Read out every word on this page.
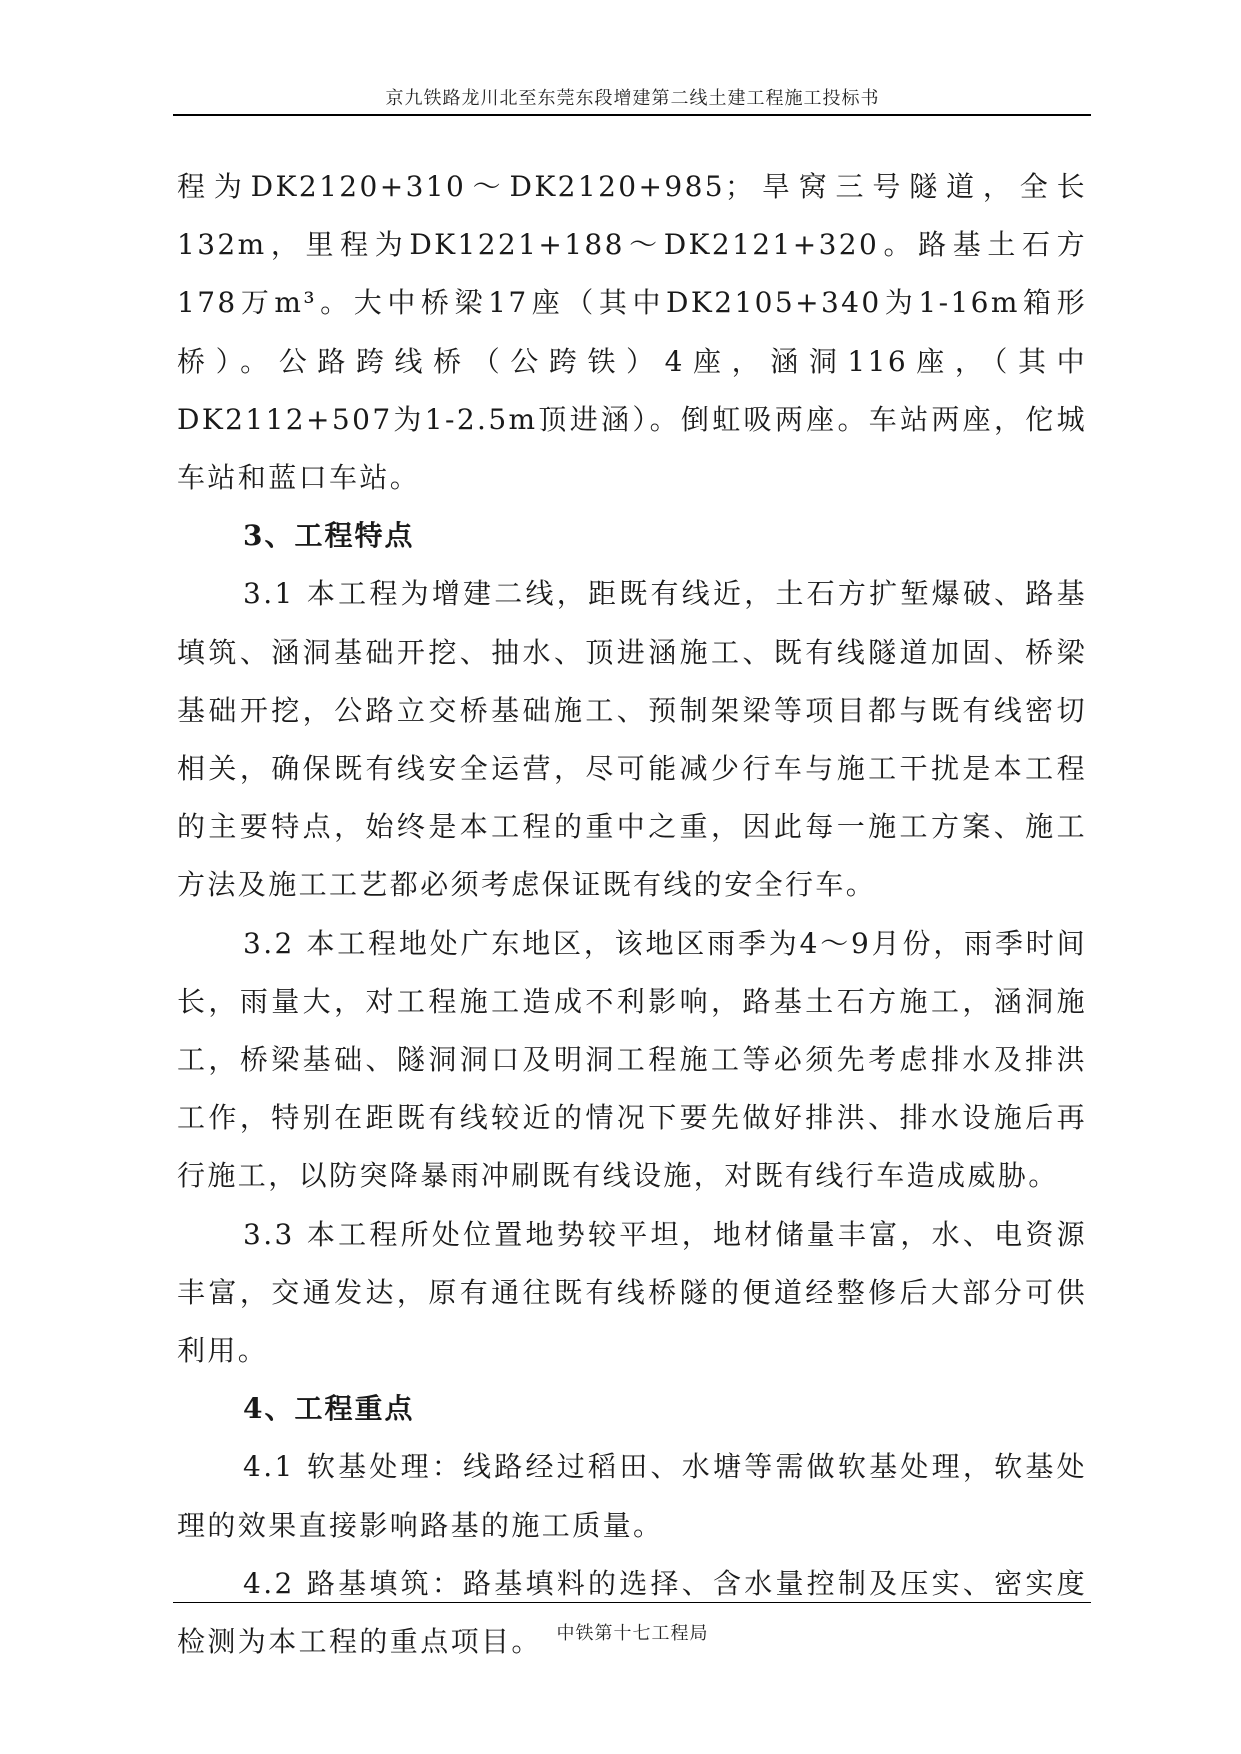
京九铁路龙川北至东莞东段增建第二线土建工程施工投标书

程为DK2120+310～DK2120+985；旱窝三号隧道，全长132m，里程为DK1221+188～DK2121+320。路基土石方178万m³。大中桥梁17座（其中DK2105+340为1-16m箱形桥）。公路跨线桥（公跨铁）4座，涵洞116座，（其中DK2112+507为1-2.5m顶进涵）。倒虹吸两座。车站两座，佗城车站和蓝口车站。

3、工程特点

3.1 本工程为增建二线，距既有线近，土石方扩堑爆破、路基填筑、涵洞基础开挖、抽水、顶进涵施工、既有线隧道加固、桥梁基础开挖，公路立交桥基础施工、预制架梁等项目都与既有线密切相关，确保既有线安全运营，尽可能减少行车与施工干扰是本工程的主要特点，始终是本工程的重中之重，因此每一施工方案、施工方法及施工工艺都必须考虑保证既有线的安全行车。

3.2 本工程地处广东地区，该地区雨季为4～9月份，雨季时间长，雨量大，对工程施工造成不利影响，路基土石方施工，涵洞施工，桥梁基础、隧洞洞口及明洞工程施工等必须先考虑排水及排洪工作，特别在距既有线较近的情况下要先做好排洪、排水设施后再行施工，以防突降暴雨冲刷既有线设施，对既有线行车造成威胁。

3.3 本工程所处位置地势较平坦，地材储量丰富，水、电资源丰富，交通发达，原有通往既有线桥隧的便道经整修后大部分可供利用。

4、工程重点

4.1 软基处理：线路经过稻田、水塘等需做软基处理，软基处理的效果直接影响路基的施工质量。

4.2 路基填筑：路基填料的选择、含水量控制及压实、密实度检测为本工程的重点项目。 中铁第十七工程局
